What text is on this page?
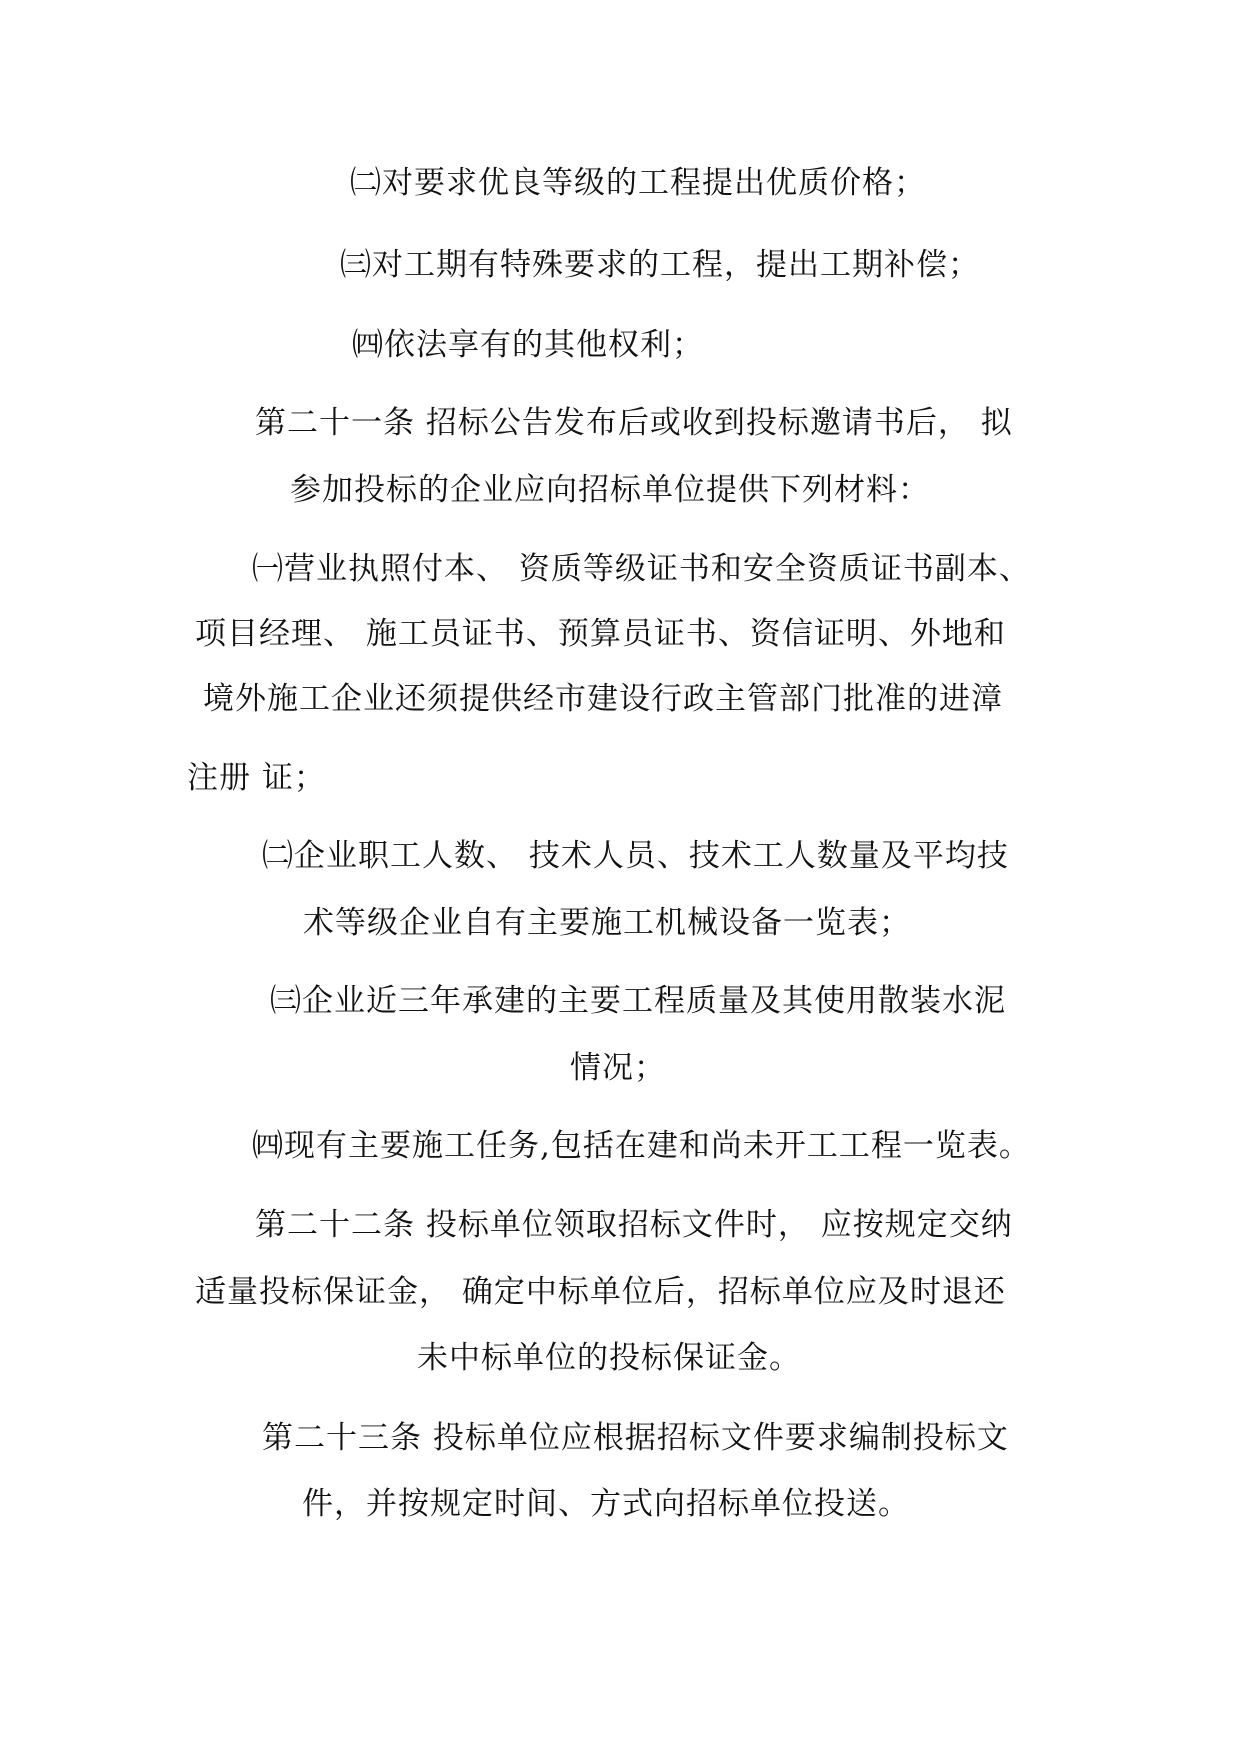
㈡对要求优良等级的工程提出优质价格；
㈢对工期有特殊要求的工程，提出工期补偿；
㈣依法享有的其他权利；
第二十一条 招标公告发布后或收到投标邀请书后， 拟
参加投标的企业应向招标单位提供下列材料：
㈠营业执照付本、 资质等级证书和安全资质证书副本、
项目经理、 施工员证书、预算员证书、资信证明、外地和
境外施工企业还须提供经市建设行政主管部门批准的进漳
注册 证；
㈡企业职工人数、 技术人员、技术工人数量及平均技
术等级企业自有主要施工机械设备一览表；
㈢企业近三年承建的主要工程质量及其使用散装水泥
情况；
㈣现有主要施工任务,包括在建和尚未开工工程一览表。
第二十二条 投标单位领取招标文件时， 应按规定交纳
适量投标保证金， 确定中标单位后，招标单位应及时退还
未中标单位的投标保证金。
第二十三条 投标单位应根据招标文件要求编制投标文
件，并按规定时间、方式向招标单位投送。
